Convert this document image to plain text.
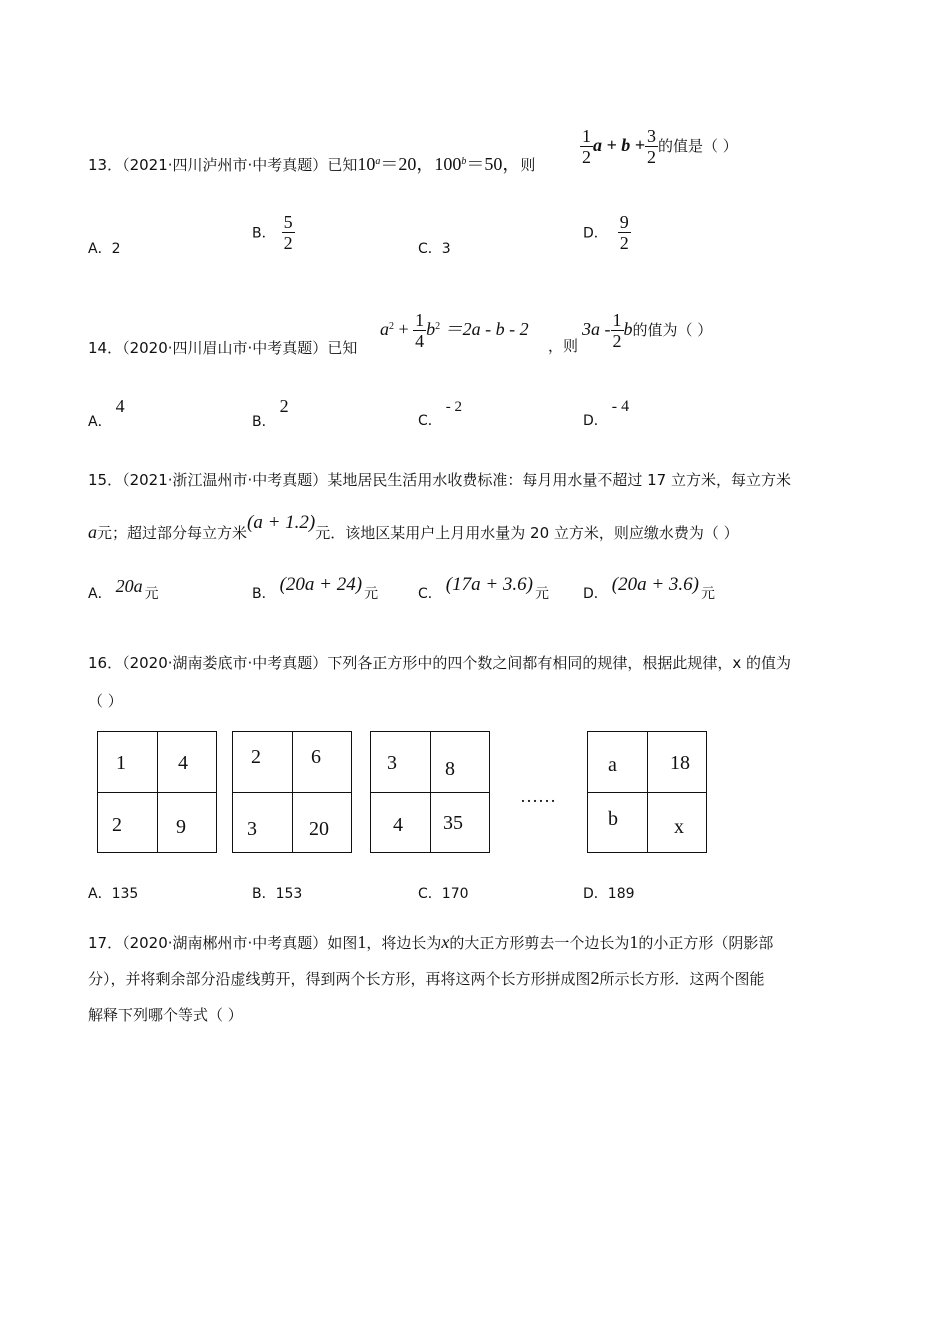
13．（2021·四川泸州市·中考真题）已知$10^a=20$，$100^b=50$，则 $\frac{1}{2}$ $a + b + \frac{3}{2}$ 的值是（ ）
A．2
B． $\frac{5}{2}$	C．3
D． $\frac{9}{2}$
14．（2020·四川眉山市·中考真题）已知
$a^2 + \frac{1}{4} b^2 =2a - b - 2$
，则
$3a - \frac{1}{2}$ b的值为（ ）
A．4
B．2
C．- 2
D．- 4
15．（2021·浙江温州市·中考真题）某地居民生活用水收费标准：每月用水量不超过 17 立方米，每立方米
a元；超过部分每立方米(a + 1.2)元．该地区某用户上月用水量为 20 立方米，则应缴水费为（ ）
A． 20a 元	B． (20a + 24) 元	C． (17a + 3.6) 元 D． (20a + 3.6) 元
16．（2020·湖南娄底市·中考真题）下列各正方形中的四个数之间都有相同的规律，根据此规律，x 的值为
（ ）
1	4
2	9
2	6
3	20
3 8
4 35
……
a	18
b	x
A．135	B．153	C．170	D．189
17．（2020·湖南郴州市·中考真题）如图1，将边长为x的大正方形剪去一个边长为1的小正方形（阴影部
分），并将剩余部分沿虚线剪开，得到两个长方形，再将这两个长方形拼成图2所示长方形．这两个图能
解释下列哪个等式（ ）
